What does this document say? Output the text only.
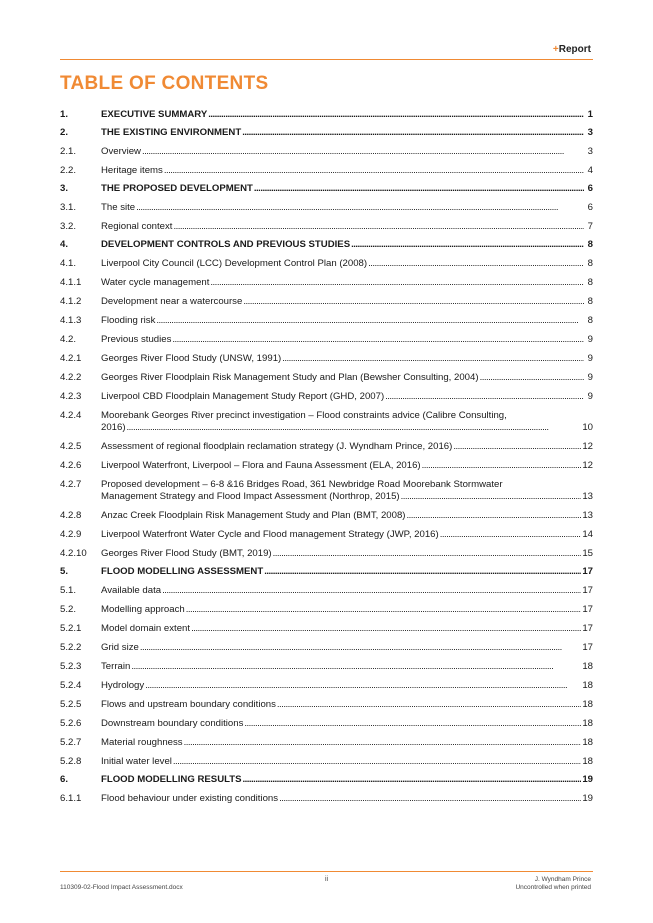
+Report
TABLE OF CONTENTS
1.	EXECUTIVE SUMMARY . . .	1
2.	THE EXISTING ENVIRONMENT . . .	3
2.1.	Overview . . .	3
2.2.	Heritage items . . .	4
3.	THE PROPOSED DEVELOPMENT . . .	6
3.1.	The site . . .	6
3.2.	Regional context . . .	7
4.	DEVELOPMENT CONTROLS AND PREVIOUS STUDIES . . .	8
4.1.	Liverpool City Council (LCC) Development Control Plan (2008) . . .	8
4.1.1	Water cycle management . . .	8
4.1.2	Development near a watercourse . . .	8
4.1.3	Flooding risk . . .	8
4.2.	Previous studies . . .	9
4.2.1	Georges River Flood Study (UNSW, 1991) . . .	9
4.2.2	Georges River Floodplain Risk Management Study and Plan (Bewsher Consulting, 2004) . . .	9
4.2.3	Liverpool CBD Floodplain Management Study Report (GHD, 2007) . . .	9
4.2.4	Moorebank Georges River precinct investigation – Flood constraints advice (Calibre Consulting,
2016) . . .	10
4.2.5	Assessment of regional floodplain reclamation strategy (J. Wyndham Prince, 2016) . . .	12
4.2.6	Liverpool Waterfront, Liverpool – Flora and Fauna Assessment (ELA, 2016) . . .	12
4.2.7	Proposed development – 6-8 &16 Bridges Road, 361 Newbridge Road Moorebank Stormwater
Management Strategy and Flood Impact Assessment (Northrop, 2015) . . .	13
4.2.8	Anzac Creek Floodplain Risk Management Study and Plan (BMT, 2008) . . .	13
4.2.9	Liverpool Waterfront Water Cycle and Flood management Strategy (JWP, 2016) . . .	14
4.2.10	Georges River Flood Study (BMT, 2019) . . .	15
5.	FLOOD MODELLING ASSESSMENT . . .	17
5.1.	Available data . . .	17
5.2.	Modelling approach . . .	17
5.2.1	Model domain extent . . .	17
5.2.2	Grid size . . .	17
5.2.3	Terrain . . .	18
5.2.4	Hydrology . . .	18
5.2.5	Flows and upstream boundary conditions . . .	18
5.2.6	Downstream boundary conditions . . .	18
5.2.7	Material roughness . . .	18
5.2.8	Initial water level . . .	18
6.	FLOOD MODELLING RESULTS . . .	19
6.1.1	Flood behaviour under existing conditions . . .	19
ii
110309-02-Flood Impact Assessment.docx
J. Wyndham Prince
Uncontrolled when printed
